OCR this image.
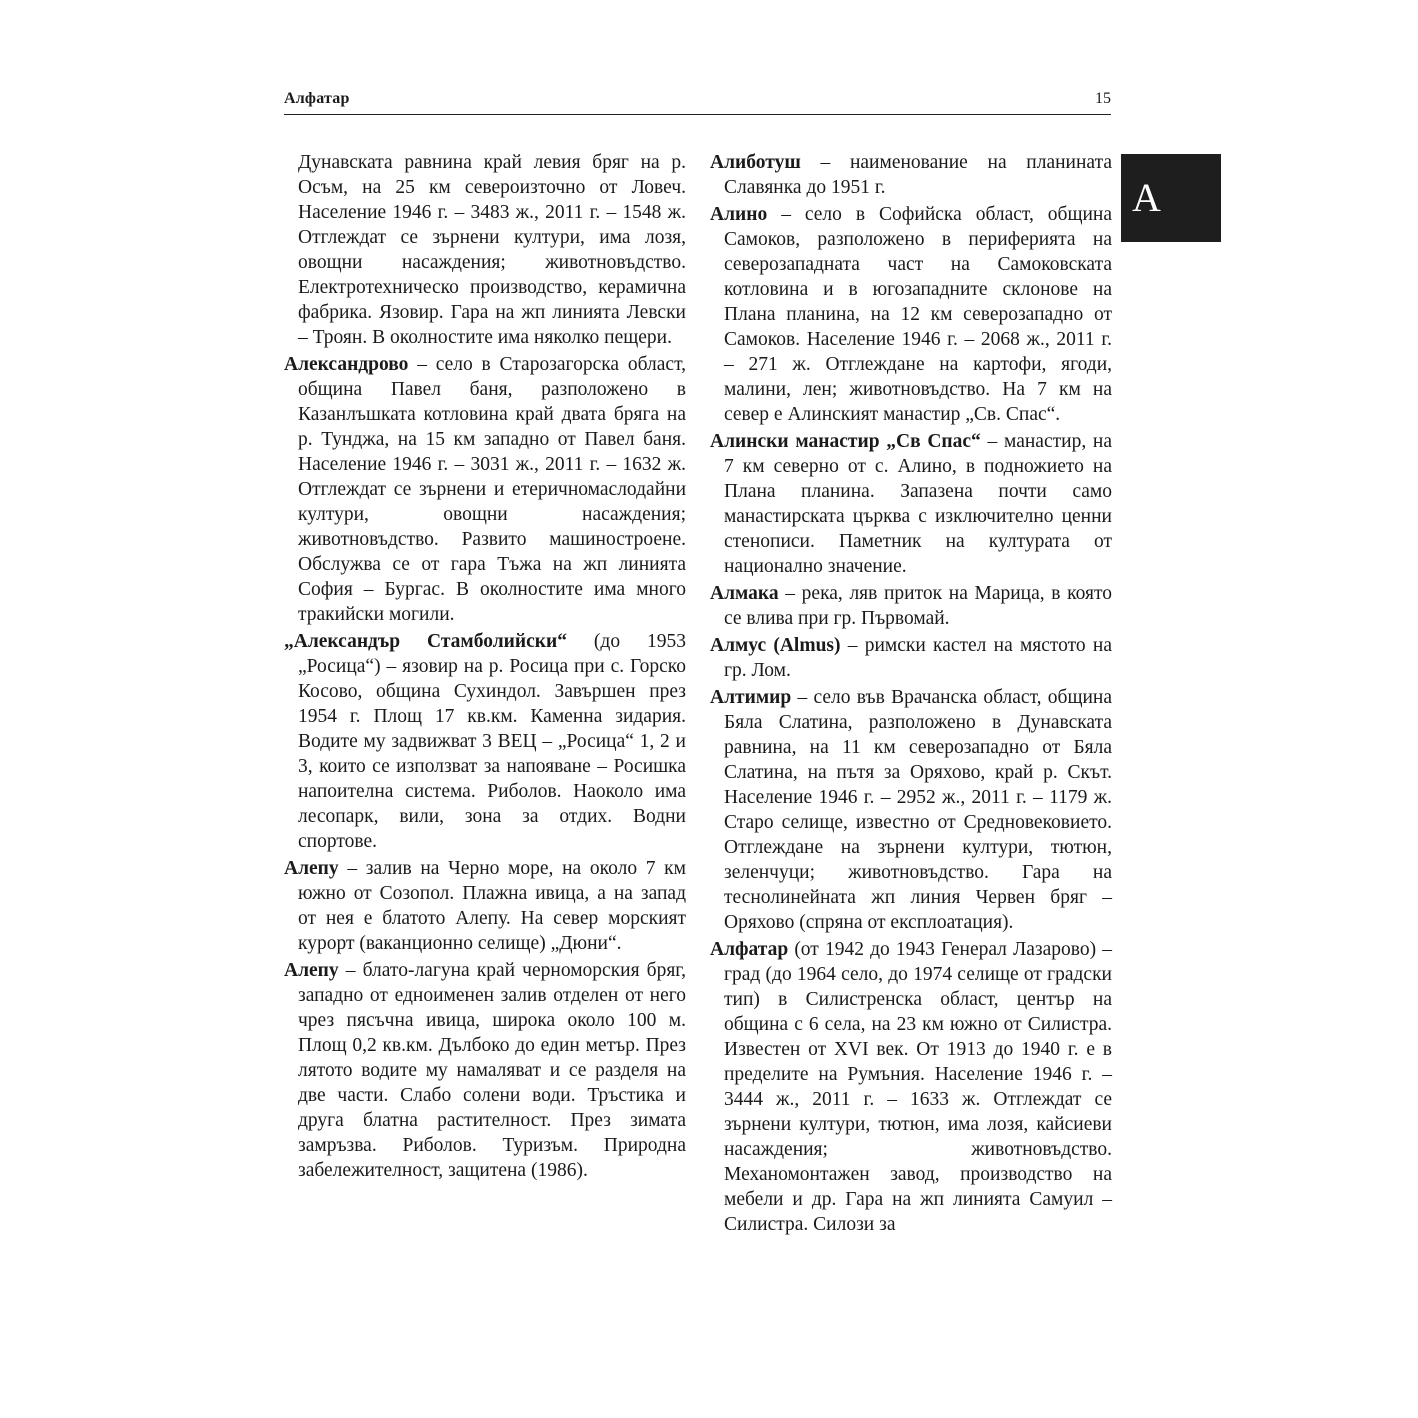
Алфатар	15
А

Дунавската равнина край левия бряг на р. Осъм, на 25 км североизточно от Ловеч. Население 1946 г. – 3483 ж., 2011 г. – 1548 ж. Отглеждат се зърнени култури, има лозя, овощни насаждения; животновъдство. Електротехническо производство, керамична фабрика. Язовир. Гара на жп линията Левски – Троян. В околностите има няколко пещери.

Александрово – село в Старозагорска област, община Павел баня, разположено в Казанлъшката котловина край двата бряга на р. Тунджа, на 15 км западно от Павел баня. Население 1946 г. – 3031 ж., 2011 г. – 1632 ж. Отглеждат се зърнени и етеричномаслодайни култури, овощни насаждения; животновъдство. Развито машиностроене. Обслужва се от гара Тъжа на жп линията София – Бургас. В околностите има много тракийски могили.

„Александър Стамболийски“ (до 1953 „Росица“) – язовир на р. Росица при с. Горско Косово, община Сухиндол. Завършен през 1954 г. Площ 17 кв.км. Каменна зидария. Водите му задвижват 3 ВЕЦ – „Росица“ 1, 2 и 3, които се използват за напояване – Росишка напоителна система. Риболов. Наоколо има лесопарк, вили, зона за отдих. Водни спортове.

Алепу – залив на Черно море, на около 7 км южно от Созопол. Плажна ивица, а на запад от нея е блатото Алепу. На север морският курорт (ваканционно селище) „Дюни“.

Алепу – блато-лагуна край черноморския бряг, западно от едноименен залив отделен от него чрез пясъчна ивица, широка около 100 м. Площ 0,2 кв.км. Дълбоко до един метър. През лятото водите му намаляват и се разделя на две части. Слабо солени води. Тръстика и друга блатна растителност. През зимата замръзва. Риболов. Туризъм. Природна забележителност, защитена (1986).

Алиботуш – наименование на планината Славянка до 1951 г.

Алино – село в Софийска област, община Самоков, разположено в периферията на северозападната част на Самоковската котловина и в югозападните склонове на Плана планина, на 12 км северозападно от Самоков. Население 1946 г. – 2068 ж., 2011 г. – 271 ж. Отглеждане на картофи, ягоди, малини, лен; животновъдство. На 7 км на север е Алинският манастир „Св. Спас“.

Алински манастир „Св Спас“ – манастир, на 7 км северно от с. Алино, в подножието на Плана планина. Запазена почти само манастирската църква с изключително ценни стенописи. Паметник на културата от национално значение.

Алмака – река, ляв приток на Марица, в която се влива при гр. Първомай.

Алмус (Almus) – римски кастел на мястото на гр. Лом.

Алтимир – село във Врачанска област, община Бяла Слатина, разположено в Дунавската равнина, на 11 км северозападно от Бяла Слатина, на пътя за Оряхово, край р. Скът. Население 1946 г. – 2952 ж., 2011 г. – 1179 ж. Старо селище, известно от Средновековието. Отглеждане на зърнени култури, тютюн, зеленчуци; животновъдство. Гара на теснолинейната жп линия Червен бряг – Оряхово (спряна от експлоатация).

Алфатар (от 1942 до 1943 Генерал Лазарово) – град (до 1964 село, до 1974 селище от градски тип) в Силистренска област, център на община с 6 села, на 23 км южно от Силистра. Известен от XVI век. От 1913 до 1940 г. е в пределите на Румъния. Население 1946 г. – 3444 ж., 2011 г. – 1633 ж. Отглеждат се зърнени култури, тютюн, има лозя, кайсиеви насаждения; животновъдство. Механомонтажен завод, производство на мебели и др. Гара на жп линията Самуил – Силистра. Силози за
